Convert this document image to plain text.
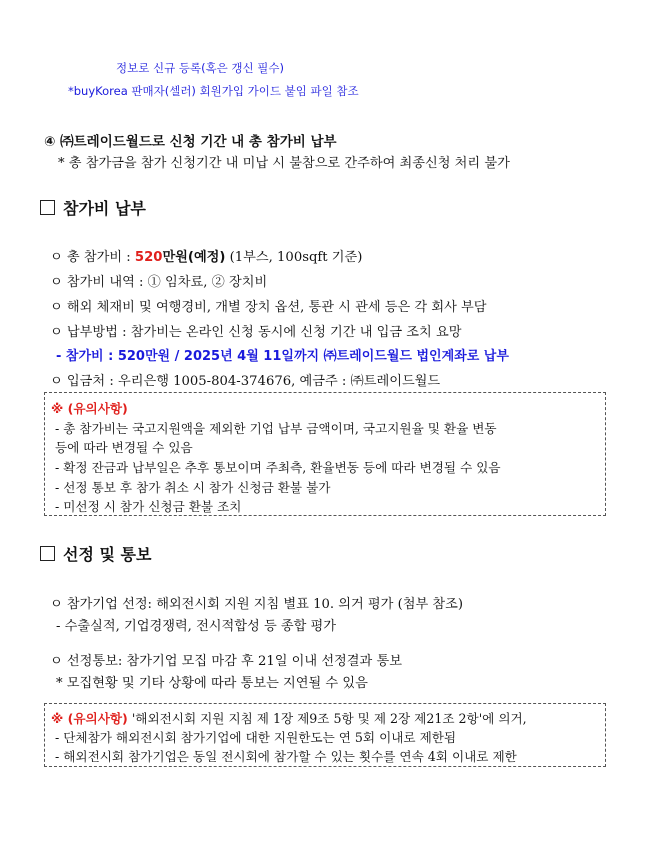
정보로 신규 등록(혹은 갱신 필수)
*buyKorea 판매자(셀러) 회원가입 가이드 붙임 파일 참조
④ ㈜트레이드월드로 신청 기간 내 총 참가비 납부
* 총 참가금을 참가 신청기간 내 미납 시 불참으로 간주하여 최종신청 처리 불가
참가비 납부
ㅇ 총 참가비 : 520만원(예정) (1부스, 100sqft 기준)
ㅇ 참가비 내역 : ① 임차료, ② 장치비
ㅇ 해외 체재비 및 여행경비, 개별 장치 옵션, 통관 시 관세 등은 각 회사 부담
ㅇ 납부방법 : 참가비는 온라인 신청 동시에 신청 기간 내 입금 조치 요망
- 참가비 : 520만원 / 2025년 4월 11일까지 ㈜트레이드월드 법인계좌로 납부
ㅇ 입금처 : 우리은행 1005-804-374676, 예금주 : ㈜트레이드월드
※ (유의사항)
- 총 참가비는 국고지원액을 제외한 기업 납부 금액이며, 국고지원율 및 환율 변동
등에 따라 변경될 수 있음
- 확정 잔금과 납부일은 추후 통보이며 주최측, 환율변동 등에 따라 변경될 수 있음
- 선정 통보 후 참가 취소 시 참가 신청금 환불 불가
- 미선정 시 참가 신청금 환불 조치
선정 및 통보
ㅇ 참가기업 선정: 해외전시회 지원 지침 별표 10. 의거 평가 (첨부 참조)
- 수출실적, 기업경쟁력, 전시적합성 등 종합 평가
ㅇ 선정통보: 참가기업 모집 마감 후 21일 이내 선정결과 통보
* 모집현황 및 기타 상황에 따라 통보는 지연될 수 있음
※ (유의사항) '해외전시회 지원 지침 제 1장 제9조 5항 및 제 2장 제21조 2항'에 의거,
- 단체참가 해외전시회 참가기업에 대한 지원한도는 연 5회 이내로 제한됨
- 해외전시회 참가기업은 동일 전시회에 참가할 수 있는 횟수를 연속 4회 이내로 제한
